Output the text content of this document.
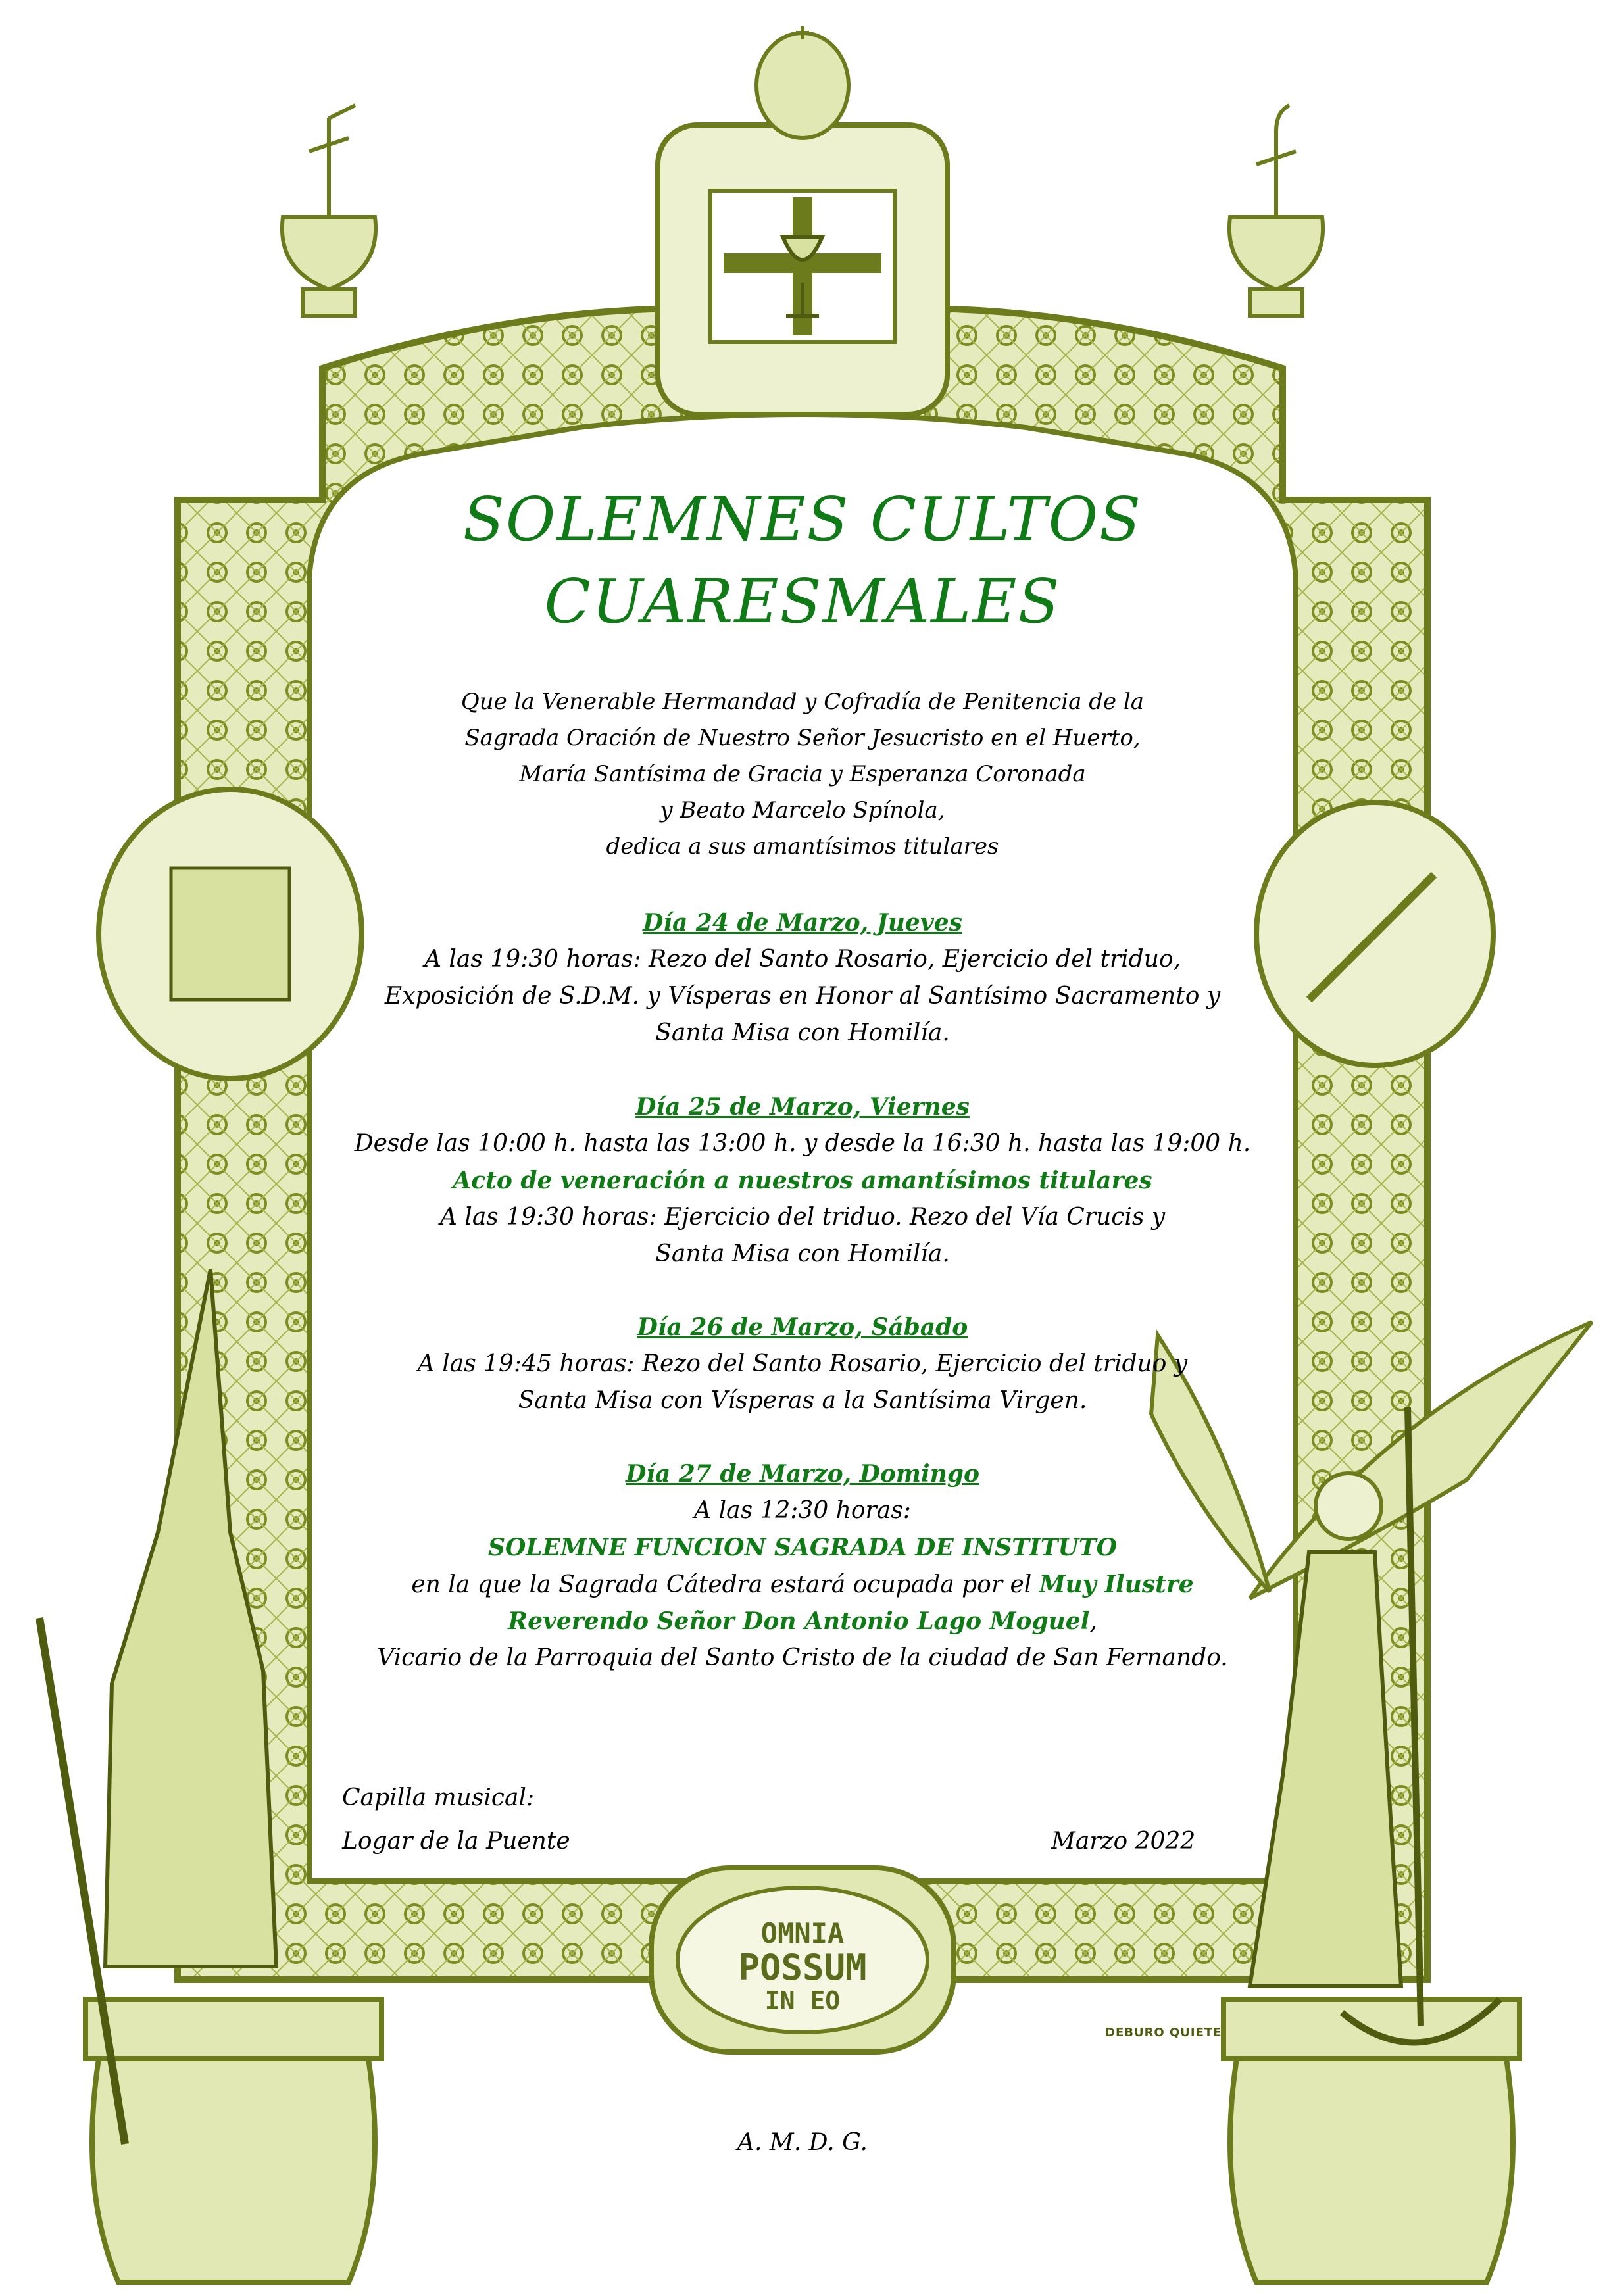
SOLEMNES CULTOS
CUARESMALES
Que la Venerable Hermandad y Cofradía de Penitencia de la
Sagrada Oración de Nuestro Señor Jesucristo en el Huerto,
María Santísima de Gracia y Esperanza Coronada
y Beato Marcelo Spínola,
dedica a sus amantísimos titulares
Día 24 de Marzo, Jueves
A las 19:30 horas: Rezo del Santo Rosario, Ejercicio del triduo,
Exposición de S.D.M. y Vísperas en Honor al Santísimo Sacramento y
Santa Misa con Homilía.
Día 25 de Marzo, Viernes
Desde las 10:00 h. hasta las 13:00 h. y desde la 16:30 h. hasta las 19:00 h.
Acto de veneración a nuestros amantísimos titulares
A las 19:30 horas: Ejercicio del triduo. Rezo del Vía Crucis y
Santa Misa con Homilía.
Día 26 de Marzo, Sábado
A las 19:45 horas: Rezo del Santo Rosario, Ejercicio del triduo y
Santa Misa con Vísperas a la Santísima Virgen.
Día 27 de Marzo, Domingo
A las 12:30 horas:
SOLEMNE FUNCION SAGRADA DE INSTITUTO
en la que la Sagrada Cátedra estará ocupada por el Muy Ilustre
Reverendo Señor Don Antonio Lago Moguel,
Vicario de la Parroquia del Santo Cristo de la ciudad de San Fernando.
Capilla musical:
Logar de la Puente	Marzo 2022
A. M. D. G.
OMNIA
POSSUM
IN EO
DEBURO QUIETE
